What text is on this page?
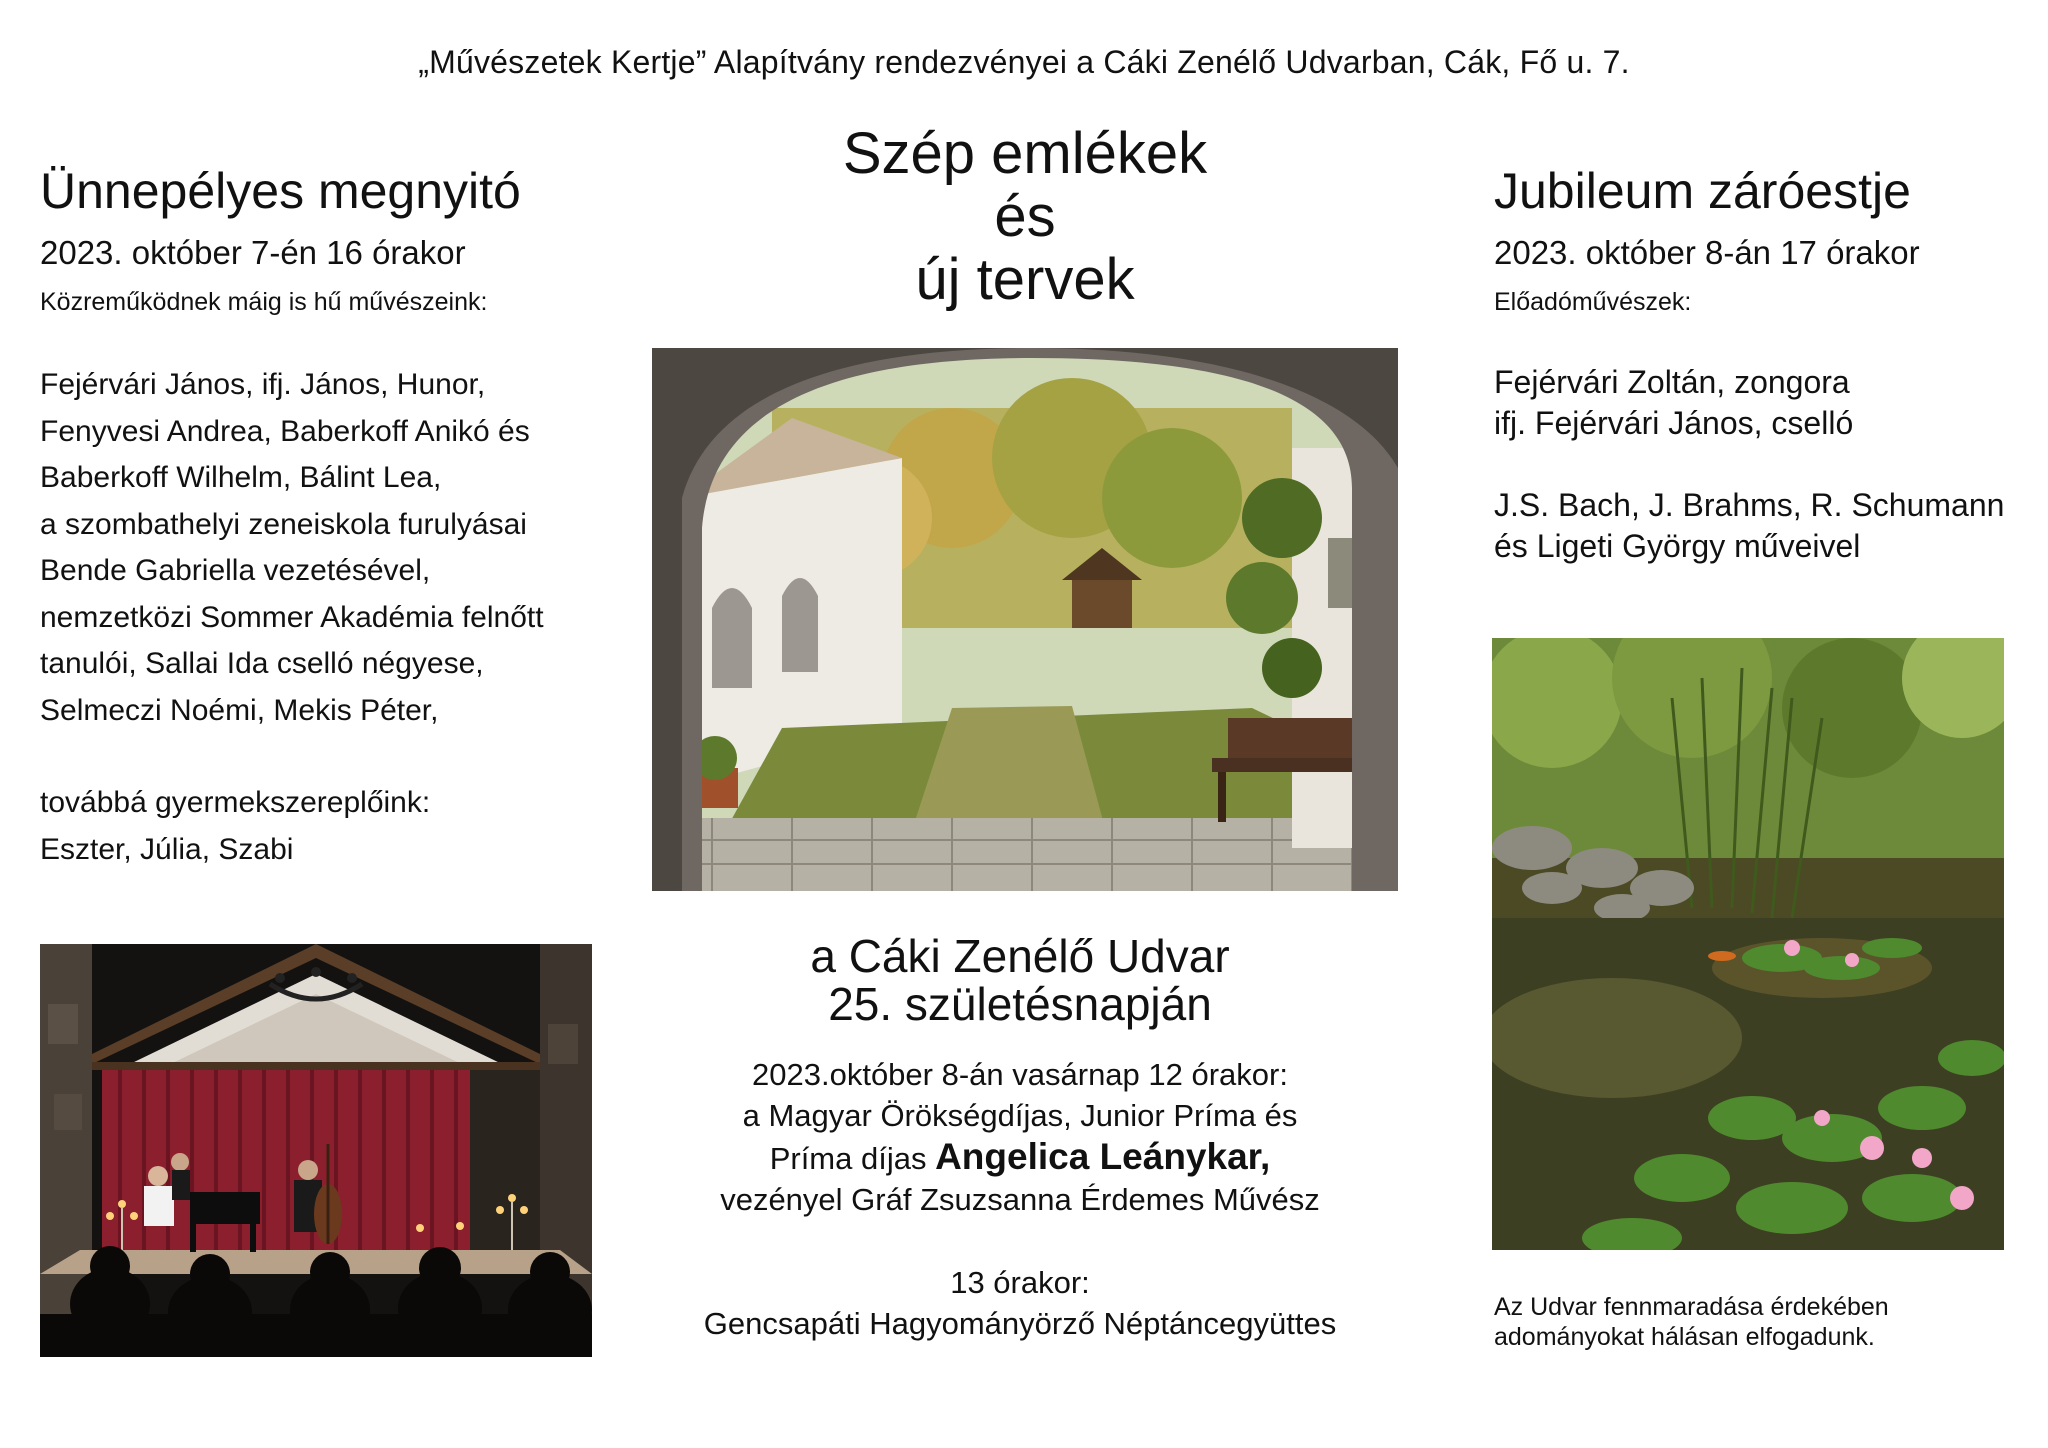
„Művészetek Kertje” Alapítvány rendezvényei a Cáki Zenélő Udvarban, Cák, Fő u. 7.
Ünnepélyes megnyitó
2023. október 7-én 16 órakor
Közreműködnek máig is hű művészeink:
Fejérvári János, ifj. János, Hunor,
Fenyvesi Andrea, Baberkoff Anikó és
Baberkoff Wilhelm, Bálint Lea,
a szombathelyi zeneiskola furulyásai
Bende Gabriella vezetésével,
nemzetközi Sommer Akadémia felnőtt
tanulói, Sallai Ida cselló négyese,
Selmeczi Noémi, Mekis Péter,
továbbá gyermekszereplőink:
Eszter, Júlia, Szabi
Szép emlékek
és
új tervek
a Cáki Zenélő Udvar
25. születésnapján
2023.október 8-án vasárnap 12 órakor:
a Magyar Örökségdíjas, Junior Príma és
Príma díjas Angelica Leánykar,
vezényel Gráf Zsuzsanna Érdemes Művész
13 órakor:
Gencsapáti Hagyományörző Néptáncegyüttes
Jubileum záróestje
2023. október 8-án 17 órakor
Előadóművészek:
Fejérvári Zoltán, zongora
ifj. Fejérvári János, cselló
J.S. Bach, J. Brahms, R. Schumann
és Ligeti György műveivel
Az Udvar fennmaradása érdekében
adományokat hálásan elfogadunk.
